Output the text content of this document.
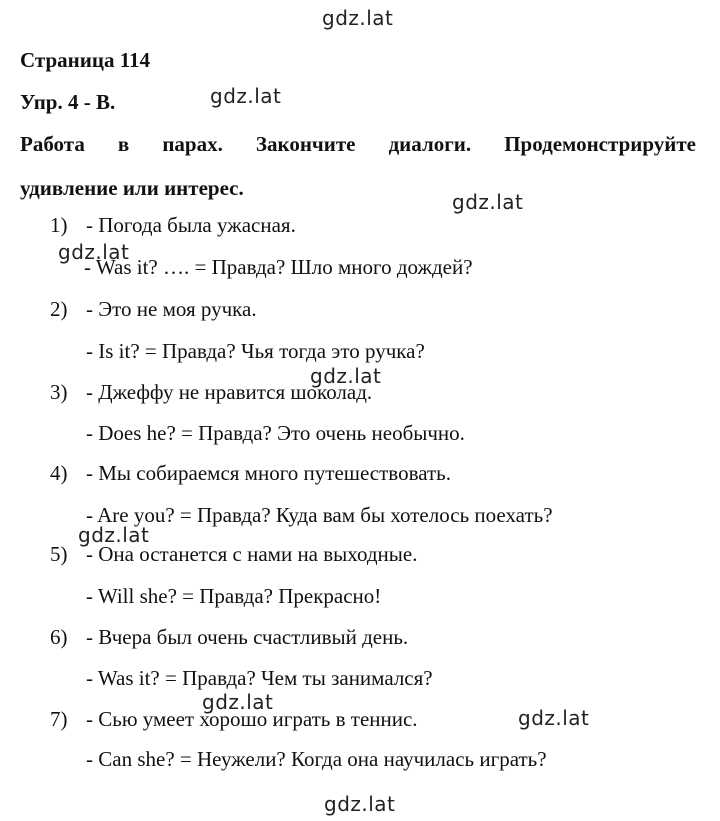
gdz.lat
gdz.lat
gdz.lat
gdz.lat
gdz.lat
gdz.lat
gdz.lat
gdz.lat
gdz.lat
Страница 114
Упр. 4 - B.
Работа в парах. Закончите диалоги. Продемонстрируйте
удивление или интерес.
1) - Погода была ужасная.
- Was it? …. = Правда? Шло много дождей?
2) - Это не моя ручка.
- Is it? = Правда? Чья тогда это ручка?
3) - Джеффу не нравится шоколад.
- Does he? = Правда? Это очень необычно.
4) - Мы собираемся много путешествовать.
- Are you? = Правда? Куда вам бы хотелось поехать?
5) - Она останется с нами на выходные.
- Will she? = Правда? Прекрасно!
6) - Вчера был очень счастливый день.
- Was it? = Правда? Чем ты занимался?
7) - Сью умеет хорошо играть в теннис.
- Can she? = Неужели? Когда она научилась играть?
